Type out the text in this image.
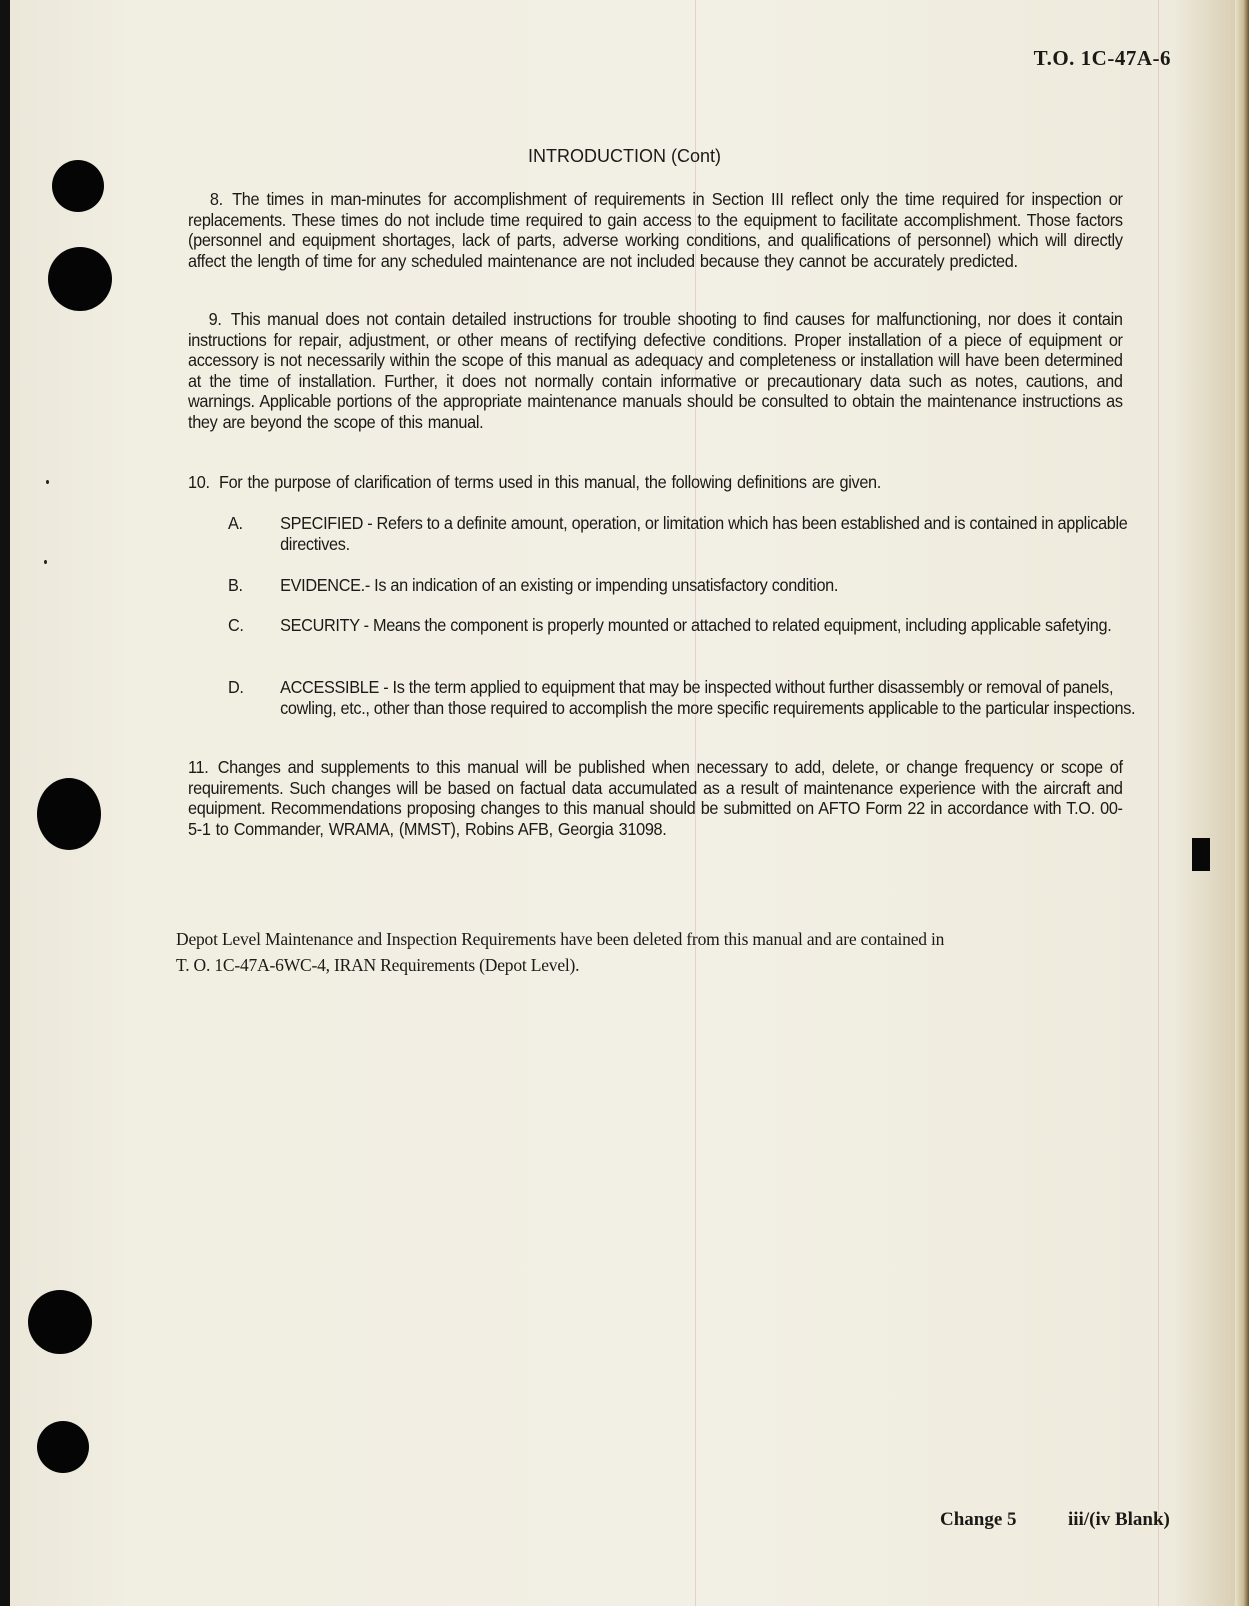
T.O. 1C-47A-6
INTRODUCTION (Cont)

8. The times in man-minutes for accomplishment of requirements in Section III reflect only the time required for inspection or replacements. These times do not include time required to gain access to the equipment to facilitate accomplishment. Those factors (personnel and equipment shortages, lack of parts, adverse working conditions, and qualifications of personnel) which will directly affect the length of time for any scheduled maintenance are not included because they cannot be accurately predicted.

9. This manual does not contain detailed instructions for trouble shooting to find causes for malfunctioning, nor does it contain instructions for repair, adjustment, or other means of rectifying defective conditions. Proper installation of a piece of equipment or accessory is not necessarily within the scope of this manual as adequacy and completeness or installation will have been determined at the time of installation. Further, it does not normally contain informative or precautionary data such as notes, cautions, and warnings. Applicable portions of the appropriate maintenance manuals should be consulted to obtain the maintenance instructions as they are beyond the scope of this manual.

10. For the purpose of clarification of terms used in this manual, the following definitions are given.

A. SPECIFIED - Refers to a definite amount, operation, or limitation which has been established and is contained in applicable directives.
B. EVIDENCE.- Is an indication of an existing or impending unsatisfactory condition.
C. SECURITY - Means the component is properly mounted or attached to related equipment, including applicable safetying.
D. ACCESSIBLE - Is the term applied to equipment that may be inspected without further disassembly or removal of panels, cowling, etc., other than those required to accomplish the more specific requirements applicable to the particular inspections.

11. Changes and supplements to this manual will be published when necessary to add, delete, or change frequency or scope of requirements. Such changes will be based on factual data accumulated as a result of maintenance experience with the aircraft and equipment. Recommendations proposing changes to this manual should be submitted on AFTO Form 22 in accordance with T.O. 00-5-1 to Commander, WRAMA, (MMST), Robins AFB, Georgia 31098.

Depot Level Maintenance and Inspection Requirements have been deleted from this manual and are contained in
T. O. 1C-47A-6WC-4, IRAN Requirements (Depot Level).
Change 5	iii/(iv Blank)
